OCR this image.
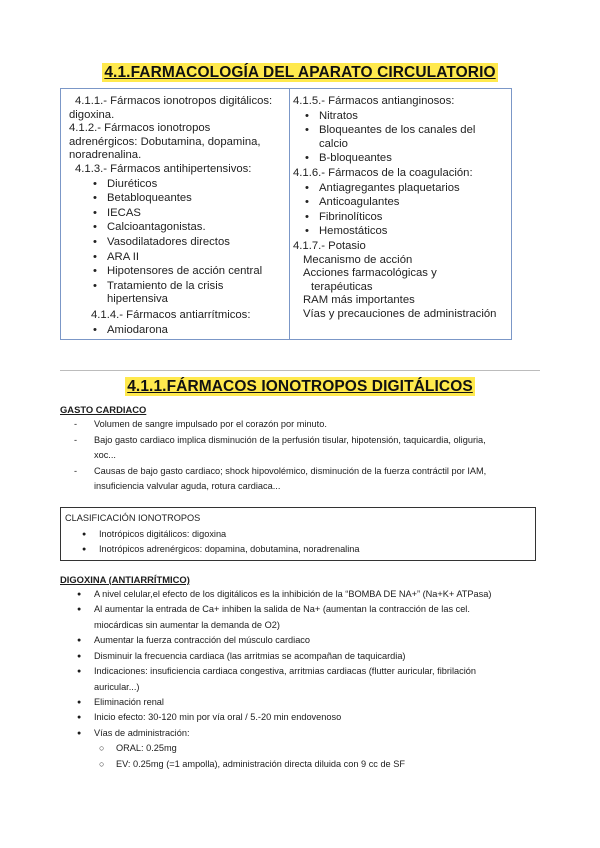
4.1.FARMACOLOGÍA DEL APARATO CIRCULATORIO

4.1.1.- Fármacos ionotropos digitálicos:

digoxina.

4.1.2.- Fármacos ionotropos

adrenérgicos: Dobutamina, dopamina,

noradrenalina.

4.1.3.- Fármacos antihipertensivos:

• Diuréticos
• Betabloqueantes
• IECAS
• Calcioantagonistas.
• Vasodilatadores directos
• ARA II
• Hipotensores de acción central
• Tratamiento de la crisis

hipertensiva

4.1.4.- Fármacos antiarrítmicos:

• Amiodarona

4.1.5.- Fármacos antianginosos:

• Nitratos
• Bloqueantes de los canales del

calcio

• B-bloqueantes

4.1.6.- Fármacos de la coagulación:

• Antiagregantes plaquetarios
• Anticoagulantes
• Fibrinolíticos
• Hemostáticos

4.1.7.- Potasio

Mecanismo de acción

Acciones farmacológicas y

terapéuticas

RAM más importantes

Vías y precauciones de administración

4.1.1.FÁRMACOS IONOTROPOS DIGITÁLICOS

GASTO CARDIACO

- Volumen de sangre impulsado por el corazón por minuto.
- Bajo gasto cardiaco implica disminución de la perfusión tisular, hipotensión, taquicardia, oliguria,

xoc...

- Causas de bajo gasto cardiaco; shock hipovolémico, disminución de la fuerza contráctil por IAM,

insuficiencia valvular aguda, rotura cardiaca...

CLASIFICACIÓN IONOTROPOS

● Inotrópicos digitálicos: digoxina
● Inotrópicos adrenérgicos: dopamina, dobutamina, noradrenalina

DIGOXINA (ANTIARRÍTMICO)

● A nivel celular,el efecto de los digitálicos es la inhibición de la “BOMBA DE NA+” (Na+K+ ATPasa)
● Al aumentar la entrada de Ca+ inhiben la salida de Na+ (aumentan la contracción de las cel.

miocárdicas sin aumentar la demanda de O2)

● Aumentar la fuerza contracción del músculo cardiaco
● Disminuir la frecuencia cardiaca (las arritmias se acompañan de taquicardia)
● Indicaciones: insuficiencia cardiaca congestiva, arritmias cardiacas (flutter auricular, fibrilación

auricular...)

● Eliminación renal
● Inicio efecto: 30-120 min por vía oral / 5.-20 min endovenoso
● Vías de administración:
○ ORAL: 0.25mg
○ EV: 0.25mg (=1 ampolla), administración directa diluida con 9 cc de SF
